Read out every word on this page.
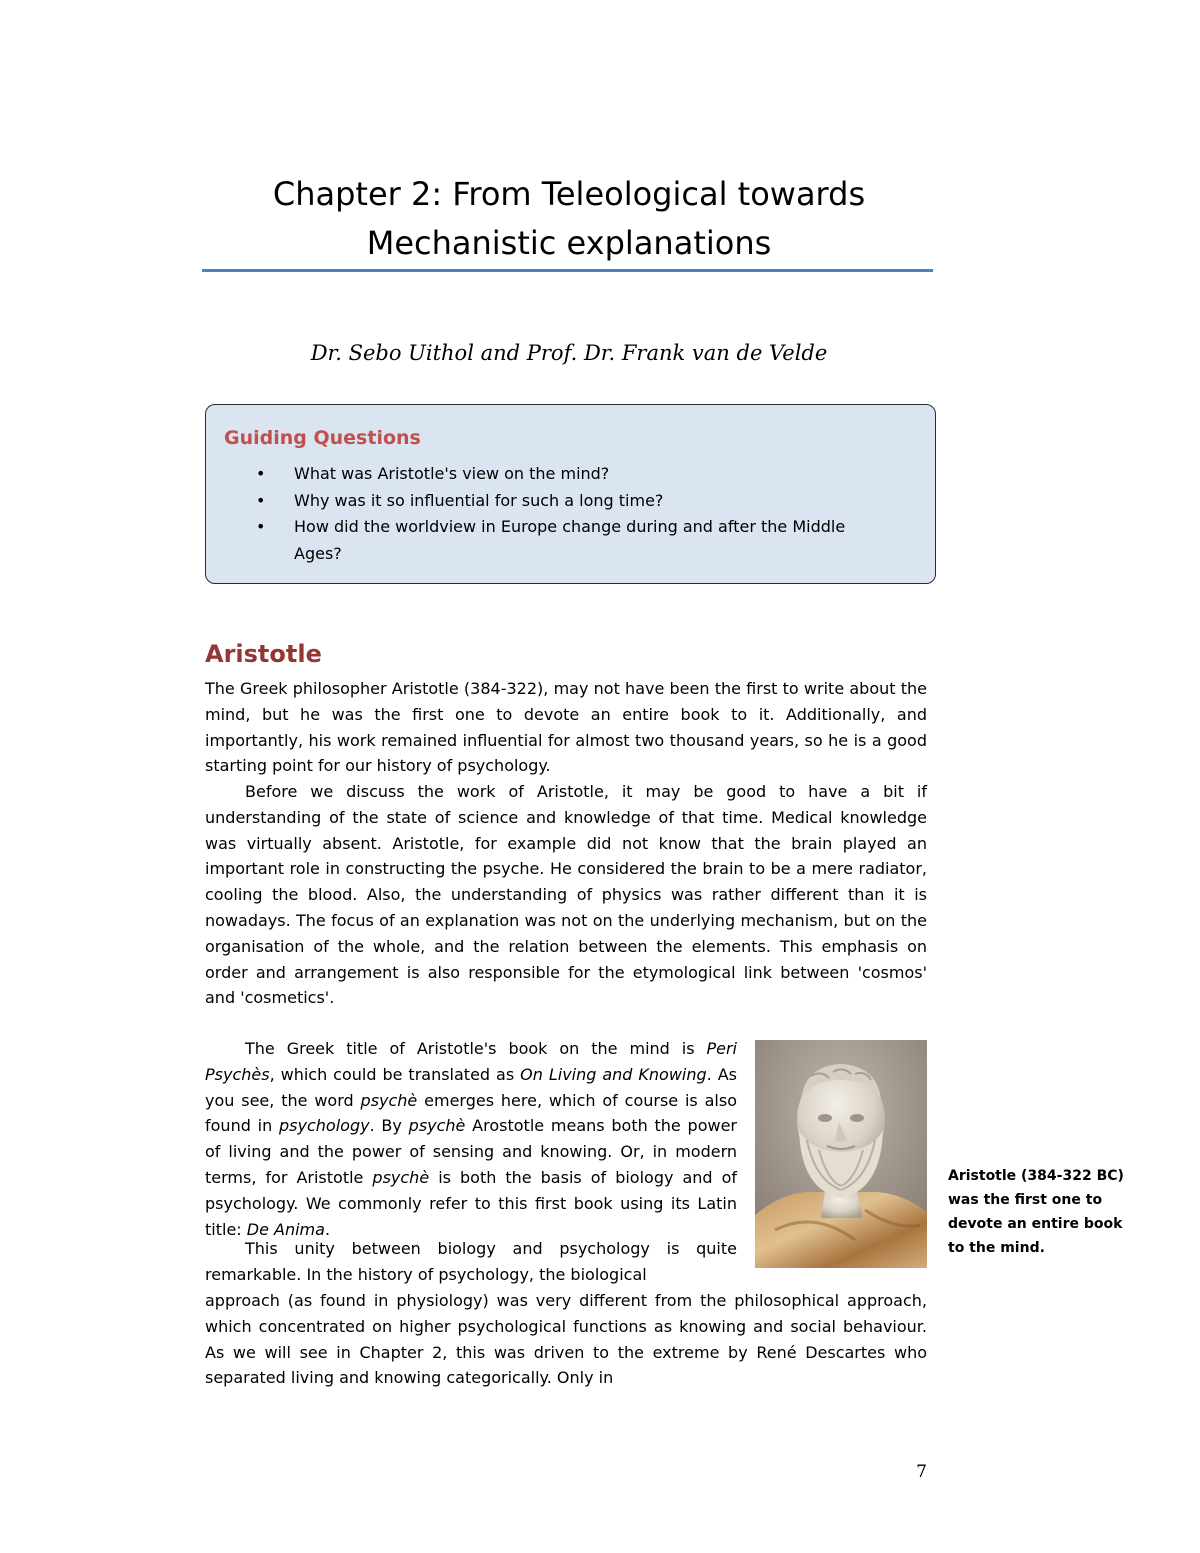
Chapter 2: From Teleological towards
Mechanistic explanations
Dr. Sebo Uithol and Prof. Dr. Frank van de Velde
Guiding Questions
• What was Aristotle's view on the mind?
• Why was it so influential for such a long time?
• How did the worldview in Europe change during and after the Middle Ages?
Aristotle

The Greek philosopher Aristotle (384-322), may not have been the first to write about the mind, but he was the first one to devote an entire book to it. Additionally, and importantly, his work remained influential for almost two thousand years, so he is a good starting point for our history of psychology.

Before we discuss the work of Aristotle, it may be good to have a bit if understanding of the state of science and knowledge of that time. Medical knowledge was virtually absent. Aristotle, for example did not know that the brain played an important role in constructing the psyche. He considered the brain to be a mere radiator, cooling the blood. Also, the understanding of physics was rather different than it is nowadays. The focus of an explanation was not on the underlying mechanism, but on the organisation of the whole, and the relation between the elements. This emphasis on order and arrangement is also responsible for the etymological link between 'cosmos' and 'cosmetics'.

The Greek title of Aristotle's book on the mind is Peri Psychès, which could be translated as On Living and Knowing. As you see, the word psychè emerges here, which of course is also found in psychology. By psychè Arostotle means both the power of living and the power of sensing and knowing. Or, in modern terms, for Aristotle psychè is both the basis of biology and of psychology. We commonly refer to this first book using its Latin title: De Anima.

This unity between biology and psychology is quite remarkable. In the history of psychology, the biological

approach (as found in physiology) was very different from the philosophical approach, which concentrated on higher psychological functions as knowing and social behaviour. As we will see in Chapter 2, this was driven to the extreme by René Descartes who separated living and knowing categorically. Only in

Aristotle (384-322 BC) was the first one to devote an entire book to the mind.
7
